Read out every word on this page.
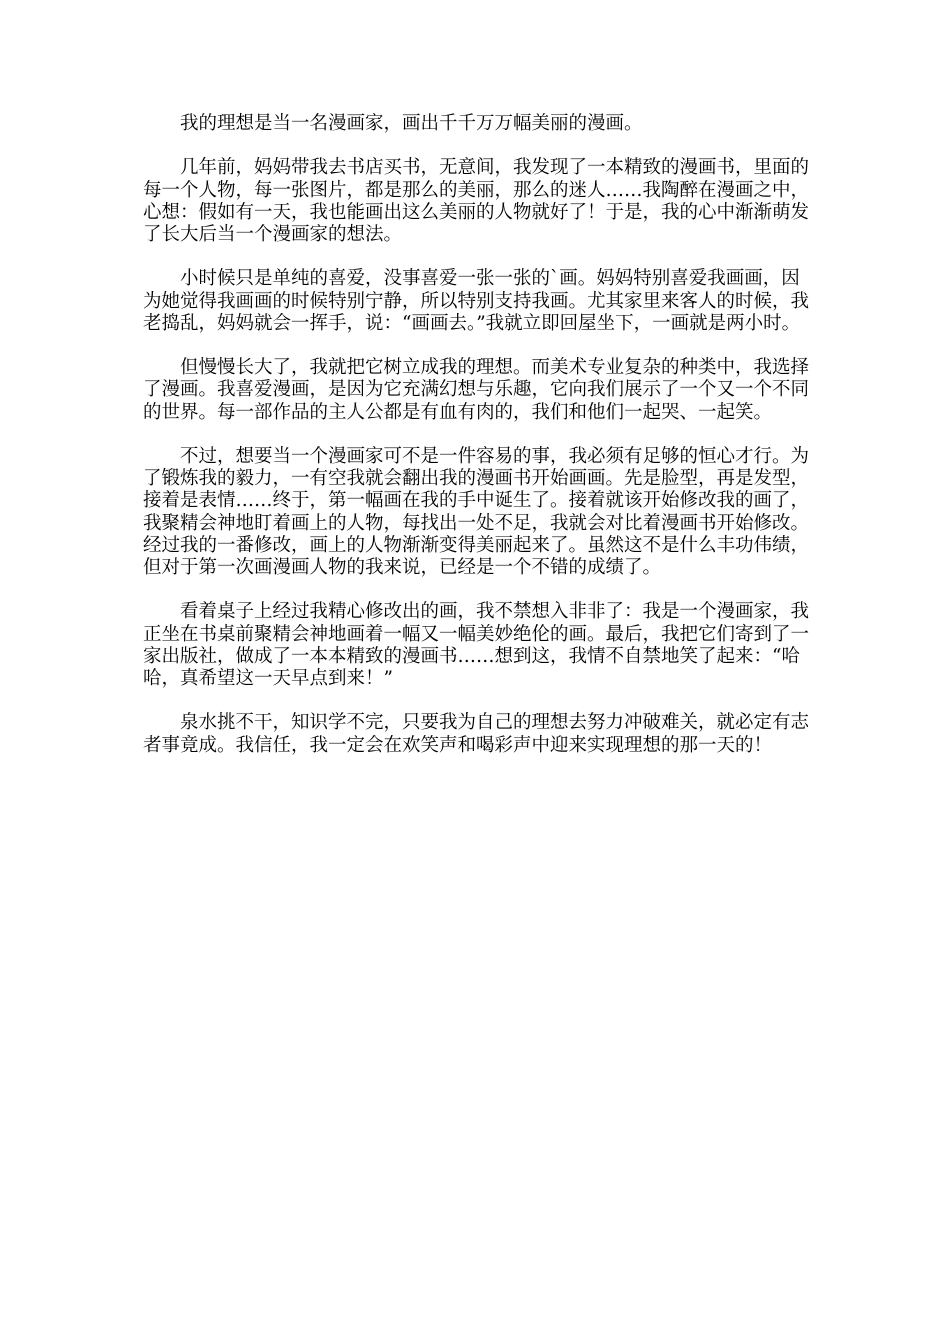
我的理想是当一名漫画家，画出千千万万幅美丽的漫画。

几年前，妈妈带我去书店买书，无意间，我发现了一本精致的漫画书，里面的每一个人物，每一张图片，都是那么的美丽，那么的迷人……我陶醉在漫画之中，心想：假如有一天，我也能画出这么美丽的人物就好了！于是，我的心中渐渐萌发了长大后当一个漫画家的想法。

小时候只是单纯的喜爱，没事喜爱一张一张的`画。妈妈特别喜爱我画画，因为她觉得我画画的时候特别宁静，所以特别支持我画。尤其家里来客人的时候，我老捣乱，妈妈就会一挥手，说：“画画去。”我就立即回屋坐下，一画就是两小时。

但慢慢长大了，我就把它树立成我的理想。而美术专业复杂的种类中，我选择了漫画。我喜爱漫画，是因为它充满幻想与乐趣，它向我们展示了一个又一个不同的世界。每一部作品的主人公都是有血有肉的，我们和他们一起哭、一起笑。

不过，想要当一个漫画家可不是一件容易的事，我必须有足够的恒心才行。为了锻炼我的毅力，一有空我就会翻出我的漫画书开始画画。先是脸型，再是发型，接着是表情……终于，第一幅画在我的手中诞生了。接着就该开始修改我的画了，我聚精会神地盯着画上的人物，每找出一处不足，我就会对比着漫画书开始修改。经过我的一番修改，画上的人物渐渐变得美丽起来了。虽然这不是什么丰功伟绩，但对于第一次画漫画人物的我来说，已经是一个不错的成绩了。

看着桌子上经过我精心修改出的画，我不禁想入非非了：我是一个漫画家，我正坐在书桌前聚精会神地画着一幅又一幅美妙绝伦的画。最后，我把它们寄到了一家出版社，做成了一本本精致的漫画书……想到这，我情不自禁地笑了起来：“哈哈，真希望这一天早点到来！”

泉水挑不干，知识学不完，只要我为自己的理想去努力冲破难关，就必定有志者事竟成。我信任，我一定会在欢笑声和喝彩声中迎来实现理想的那一天的！
